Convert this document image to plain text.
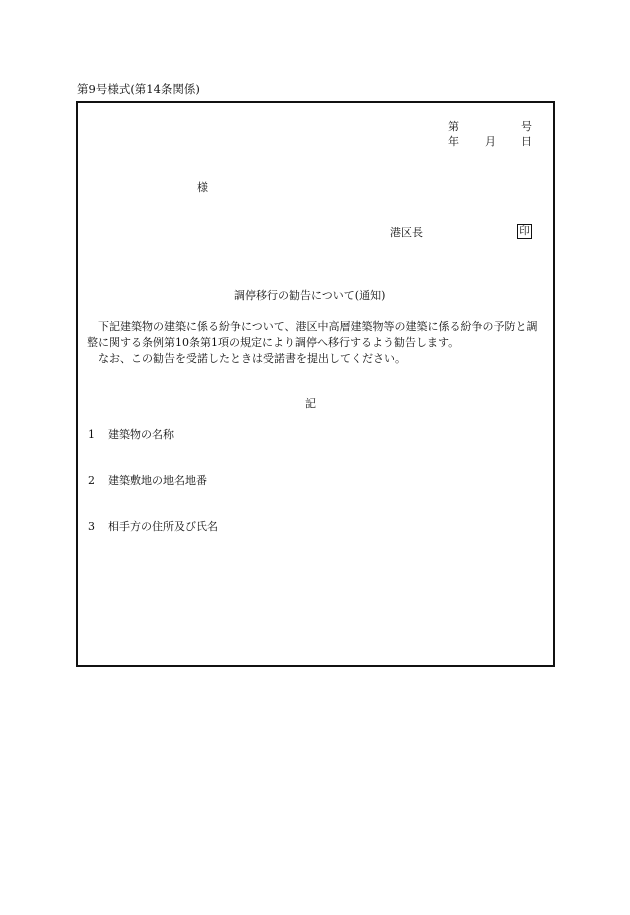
第9号様式(第14条関係)
第	号
年 月 日
様
港区長	印
調停移行の勧告について(通知)

下記建築物の建築に係る紛争について、港区中高層建築物等の建築に係る紛争の予防と調整に関する条例第10条第1項の規定により調停へ移行するよう勧告します。

なお、この勧告を受諾したときは受諾書を提出してください。

記
1 建築物の名称
2 建築敷地の地名地番
3 相手方の住所及び氏名
